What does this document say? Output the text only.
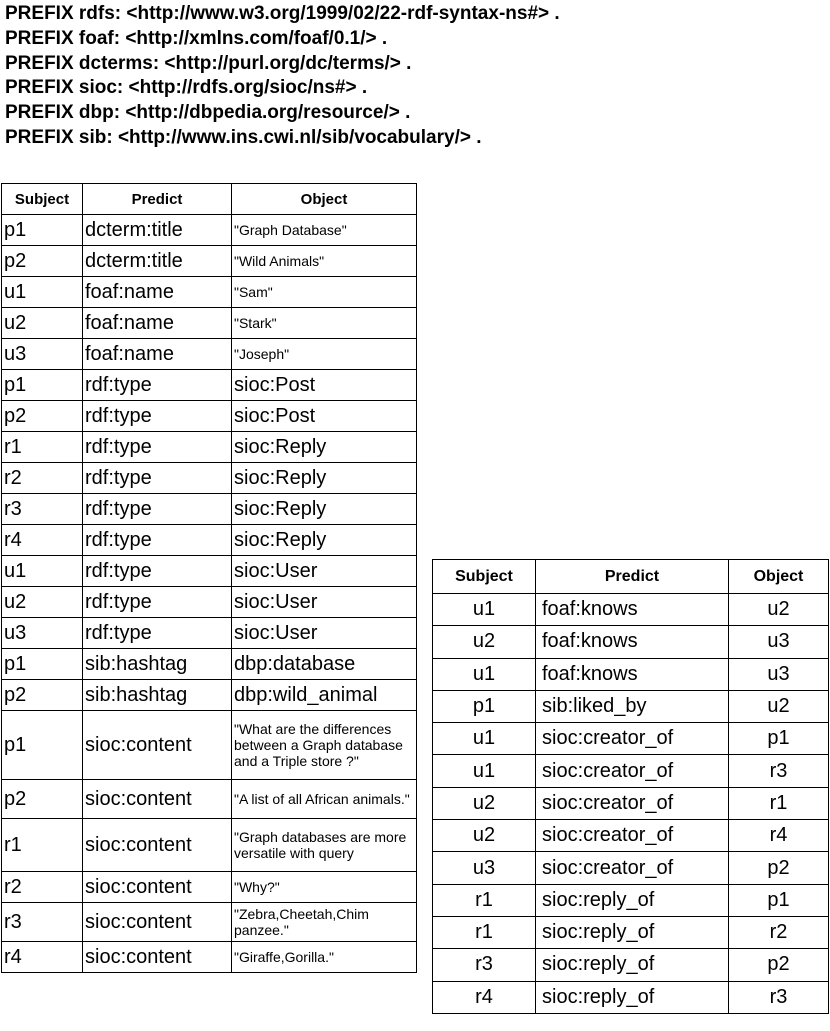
PREFIX rdfs: <http://www.w3.org/1999/02/22-rdf-syntax-ns#> .
PREFIX foaf: <http://xmlns.com/foaf/0.1/> .
PREFIX dcterms: <http://purl.org/dc/terms/> .
PREFIX sioc: <http://rdfs.org/sioc/ns#> .
PREFIX dbp: <http://dbpedia.org/resource/> .
PREFIX sib: <http://www.ins.cwi.nl/sib/vocabulary/> .
Subject	Predict	Object
p1	dcterm:title	"Graph Database"
p2	dcterm:title	"Wild Animals"
u1	foaf:name	"Sam"
u2	foaf:name	"Stark"
u3	foaf:name	"Joseph"
p1	rdf:type	sioc:Post
p2	rdf:type	sioc:Post
r1	rdf:type	sioc:Reply
r2	rdf:type	sioc:Reply
r3	rdf:type	sioc:Reply
r4	rdf:type	sioc:Reply
u1	rdf:type	sioc:User
u2	rdf:type	sioc:User
u3	rdf:type	sioc:User
p1	sib:hashtag	dbp:database
p2	sib:hashtag	dbp:wild_animal
p1	sioc:content	"What are the differences between a Graph database and a Triple store ?"
p2	sioc:content	"A list of all African animals."
r1	sioc:content	"Graph databases are more versatile with query
r2	sioc:content	"Why?"
r3	sioc:content	"Zebra,Cheetah,Chim panzee."
r4	sioc:content	"Giraffe,Gorilla."
Subject	Predict	Object
u1	foaf:knows	u2
u2	foaf:knows	u3
u1	foaf:knows	u3
p1	sib:liked_by	u2
u1	sioc:creator_of	p1
u1	sioc:creator_of	r3
u2	sioc:creator_of	r1
u2	sioc:creator_of	r4
u3	sioc:creator_of	p2
r1	sioc:reply_of	p1
r1	sioc:reply_of	r2
r3	sioc:reply_of	p2
r4	sioc:reply_of	r3
